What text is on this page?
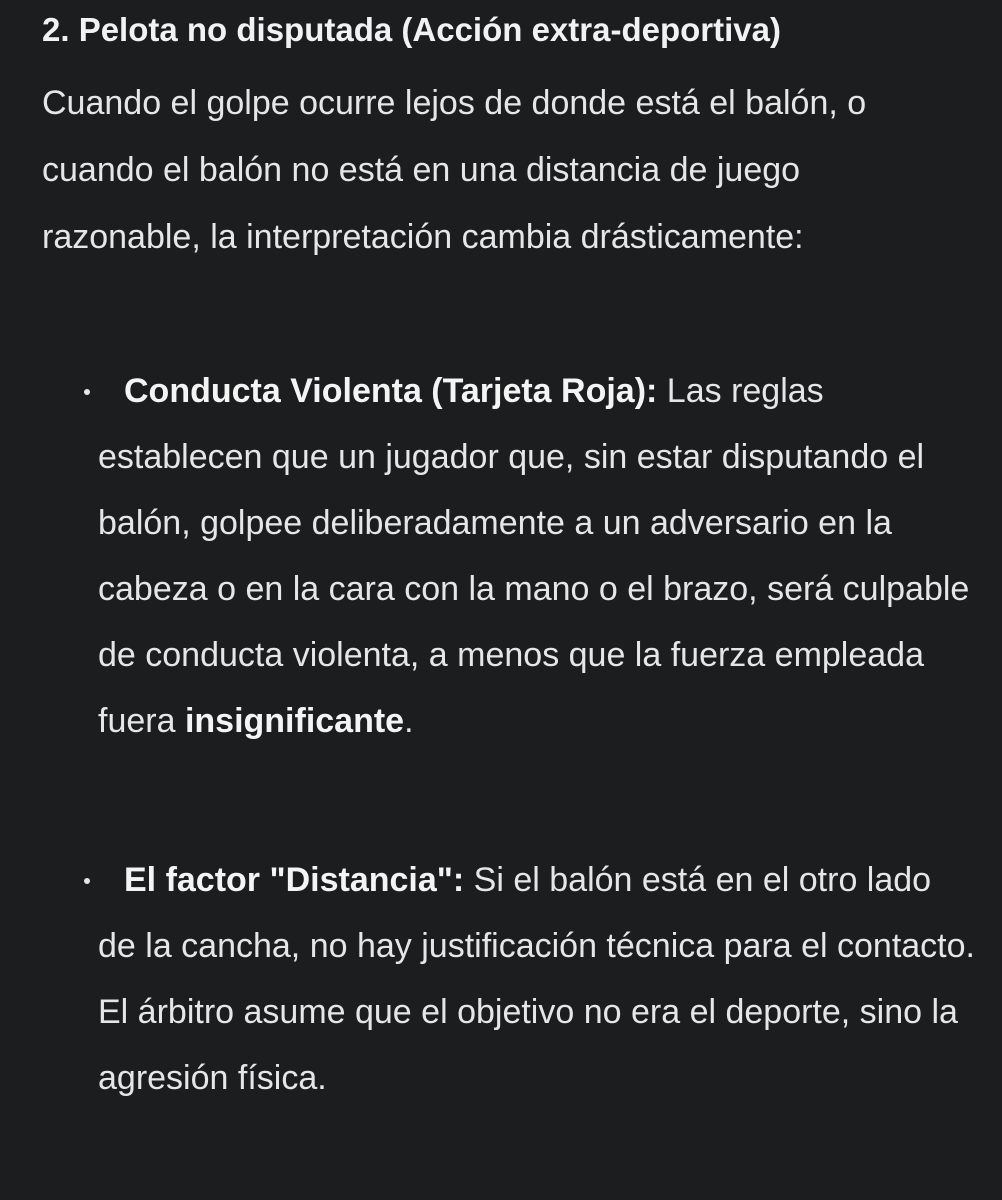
2. Pelota no disputada (Acción extra-deportiva)

Cuando el golpe ocurre lejos de donde está el balón, o cuando el balón no está en una distancia de juego razonable, la interpretación cambia drásticamente:

Conducta Violenta (Tarjeta Roja): Las reglas establecen que un jugador que, sin estar disputando el balón, golpee deliberadamente a un adversario en la cabeza o en la cara con la mano o el brazo, será culpable de conducta violenta, a menos que la fuerza empleada fuera insignificante.
El factor "Distancia": Si el balón está en el otro lado de la cancha, no hay justificación técnica para el contacto. El árbitro asume que el objetivo no era el deporte, sino la agresión física.
